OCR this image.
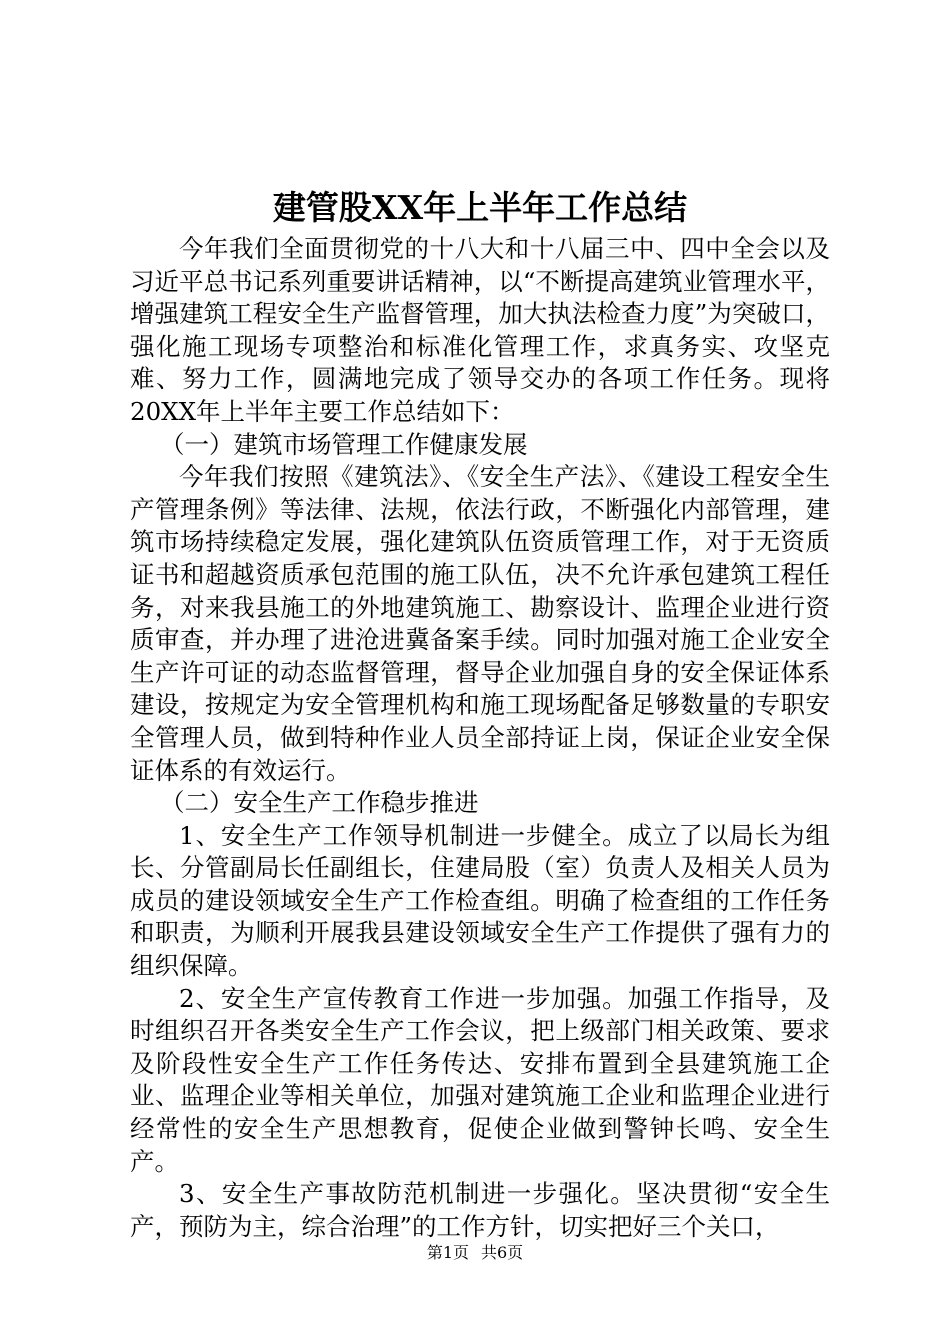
建管股XX年上半年工作总结

今年我们全面贯彻党的十八大和十八届三中、四中全会以及习近平总书记系列重要讲话精神，以“不断提高建筑业管理水平，增强建筑工程安全生产监督管理，加大执法检查力度”为突破口，强化施工现场专项整治和标准化管理工作，求真务实、攻坚克难、努力工作，圆满地完成了领导交办的各项工作任务。现将20XX年上半年主要工作总结如下：

（一）建筑市场管理工作健康发展

今年我们按照《建筑法》、《安全生产法》、《建设工程安全生产管理条例》等法律、法规，依法行政，不断强化内部管理，建筑市场持续稳定发展，强化建筑队伍资质管理工作，对于无资质证书和超越资质承包范围的施工队伍，决不允许承包建筑工程任务，对来我县施工的外地建筑施工、勘察设计、监理企业进行资质审查，并办理了进沧进冀备案手续。同时加强对施工企业安全生产许可证的动态监督管理，督导企业加强自身的安全保证体系建设，按规定为安全管理机构和施工现场配备足够数量的专职安全管理人员，做到特种作业人员全部持证上岗，保证企业安全保证体系的有效运行。

（二）安全生产工作稳步推进

1、安全生产工作领导机制进一步健全。成立了以局长为组长、分管副局长任副组长，住建局股（室）负责人及相关人员为成员的建设领域安全生产工作检查组。明确了检查组的工作任务和职责，为顺利开展我县建设领域安全生产工作提供了强有力的组织保障。

2、安全生产宣传教育工作进一步加强。加强工作指导，及时组织召开各类安全生产工作会议，把上级部门相关政策、要求及阶段性安全生产工作任务传达、安排布置到全县建筑施工企业、监理企业等相关单位，加强对建筑施工企业和监理企业进行经常性的安全生产思想教育，促使企业做到警钟长鸣、安全生产。

3、安全生产事故防范机制进一步强化。坚决贯彻“安全生产，预防为主，综合治理”的工作方针，切实把好三个关口，

第1页 共6页
